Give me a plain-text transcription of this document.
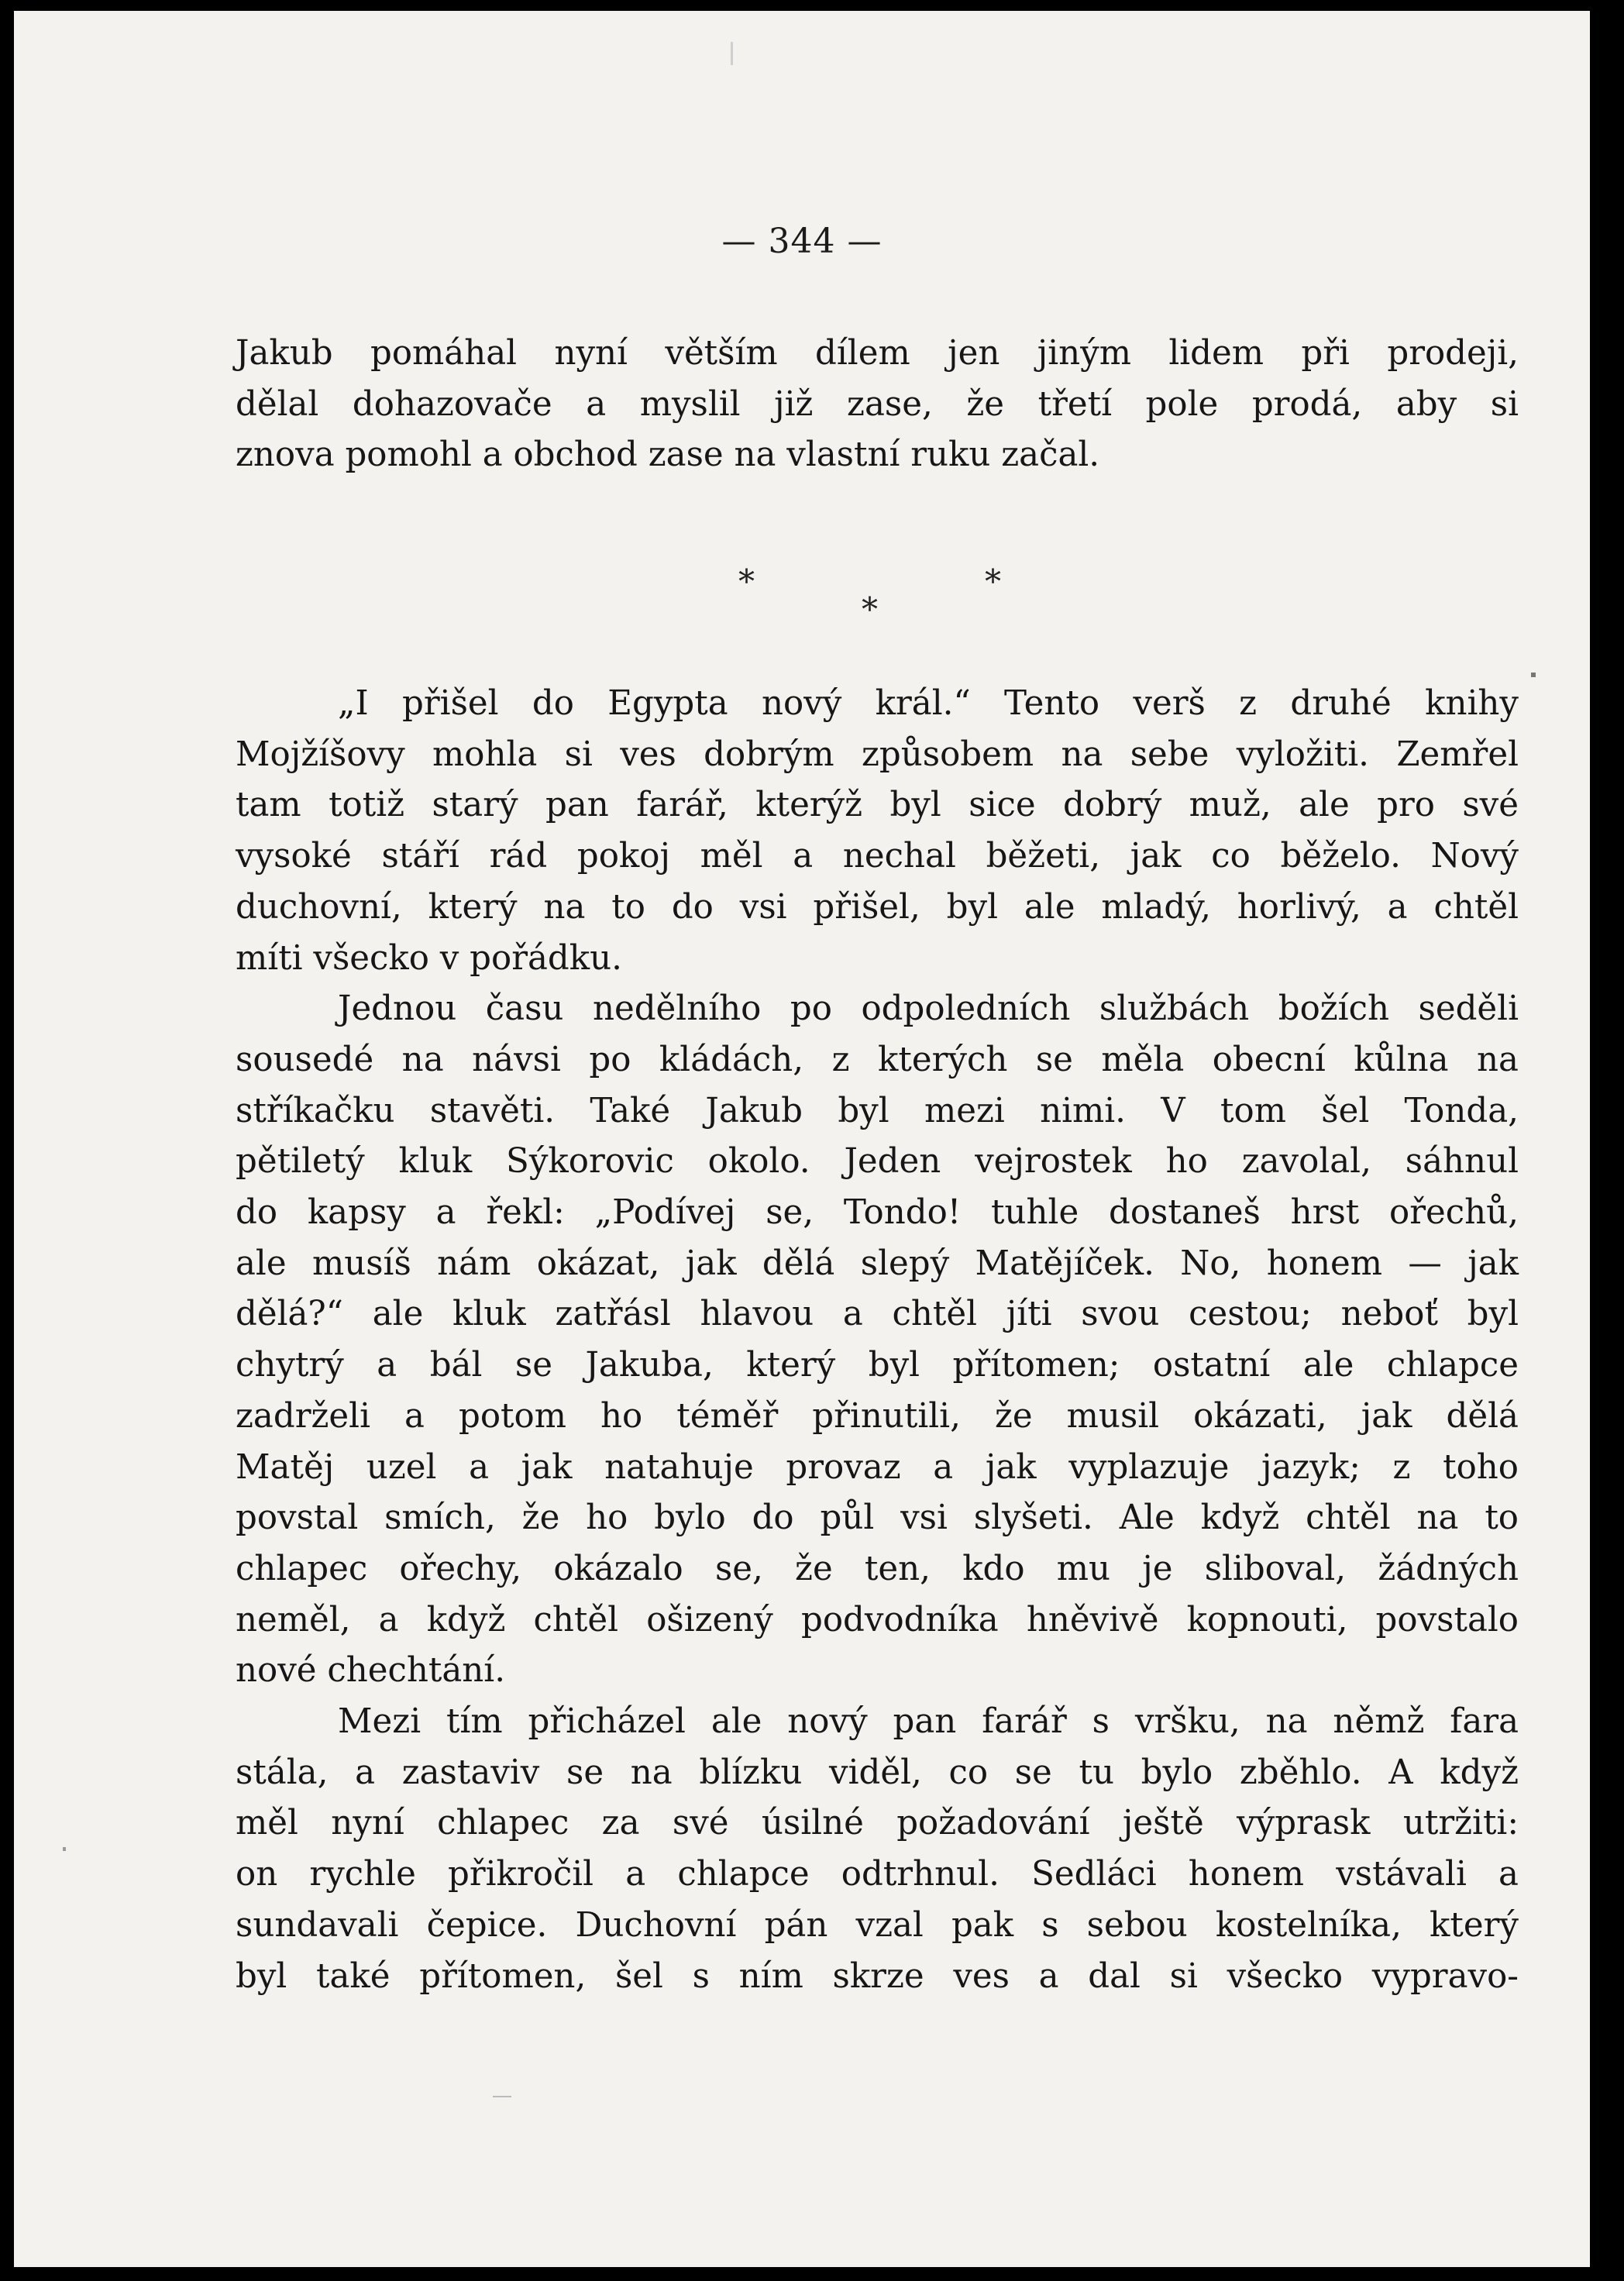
— 344 —
Jakub pomáhal nyní větším dílem jen jiným lidem při prodeji,
dělal dohazovače a myslil již zase, že třetí pole prodá, aby si
znova pomohl a obchod zase na vlastní ruku začal.
*
*
*
„I přišel do Egypta nový král.“ Tento verš z druhé knihy
Mojžíšovy mohla si ves dobrým způsobem na sebe vyložiti. Zemřel
tam totiž starý pan farář, kterýž byl sice dobrý muž, ale pro své
vysoké stáří rád pokoj měl a nechal běžeti, jak co běželo. Nový
duchovní, který na to do vsi přišel, byl ale mladý, horlivý, a chtěl
míti všecko v pořádku.
Jednou času nedělního po odpoledních službách božích seděli
sousedé na návsi po kládách, z kterých se měla obecní kůlna na
stříkačku stavěti. Také Jakub byl mezi nimi. V tom šel Tonda,
pětiletý kluk Sýkorovic okolo. Jeden vejrostek ho zavolal, sáhnul
do kapsy a řekl: „Podívej se, Tondo! tuhle dostaneš hrst ořechů,
ale musíš nám okázat, jak dělá slepý Matějíček. No, honem — jak
dělá?“ ale kluk zatřásl hlavou a chtěl jíti svou cestou; neboť byl
chytrý a bál se Jakuba, který byl přítomen; ostatní ale chlapce
zadrželi a potom ho téměř přinutili, že musil okázati, jak dělá
Matěj uzel a jak natahuje provaz a jak vyplazuje jazyk; z toho
povstal smích, že ho bylo do půl vsi slyšeti. Ale když chtěl na to
chlapec ořechy, okázalo se, že ten, kdo mu je sliboval, žádných
neměl, a když chtěl ošizený podvodníka hněvivě kopnouti, povstalo
nové chechtání.
Mezi tím přicházel ale nový pan farář s vršku, na němž fara
stála, a zastaviv se na blízku viděl, co se tu bylo zběhlo. A když
měl nyní chlapec za své úsilné požadování ještě výprask utržiti:
on rychle přikročil a chlapce odtrhnul. Sedláci honem vstávali a
sundavali čepice. Duchovní pán vzal pak s sebou kostelníka, který
byl také přítomen, šel s ním skrze ves a dal si všecko vypravo-
